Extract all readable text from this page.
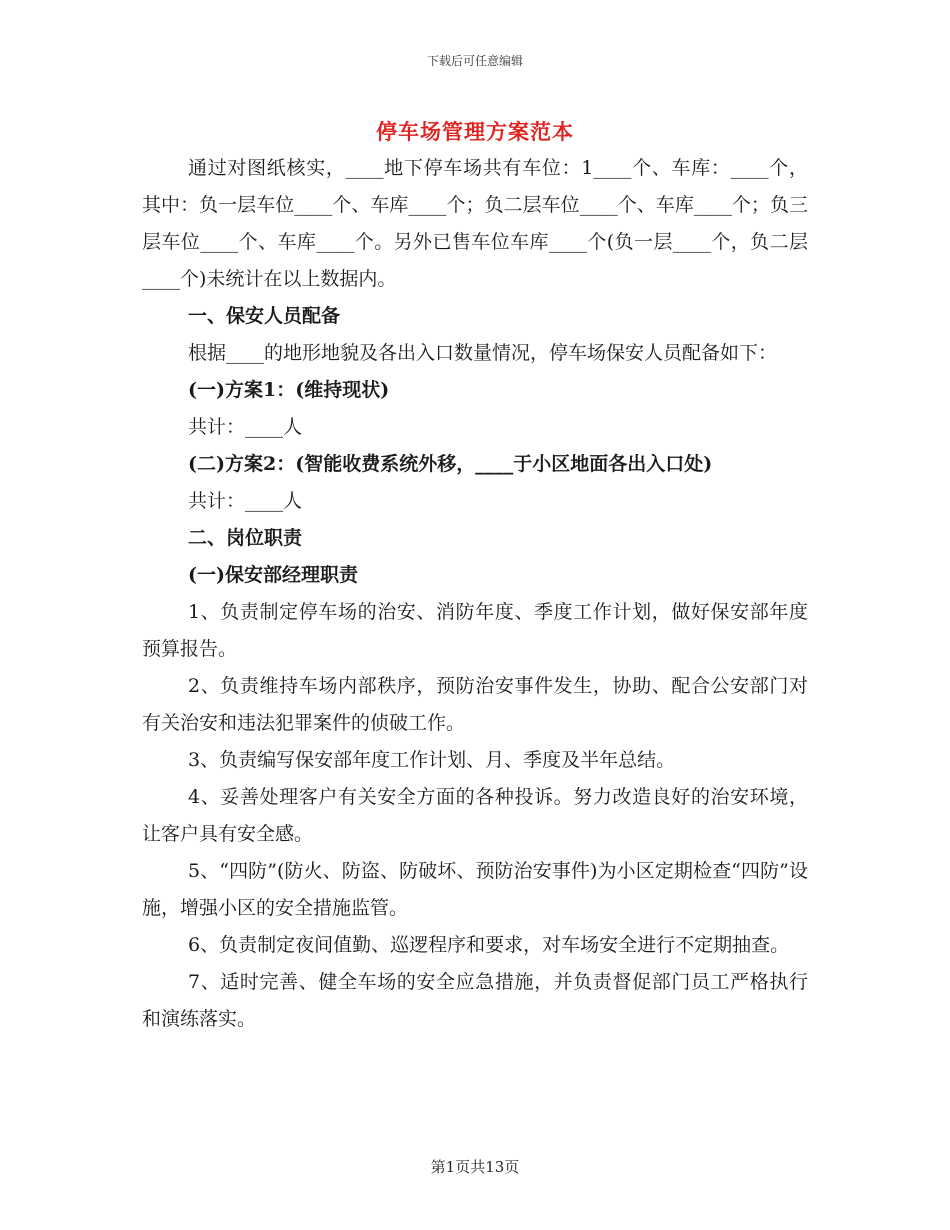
下载后可任意编辑
停车场管理方案范本

通过对图纸核实，____地下停车场共有车位：1____个、车库：____个，其中：负一层车位____个、车库____个；负二层车位____个、车库____个；负三层车位____个、车库____个。另外已售车位车库____个(负一层____个，负二层____个)未统计在以上数据内。

一、保安人员配备

根据____的地形地貌及各出入口数量情况，停车场保安人员配备如下：

(一)方案1：(维持现状)

共计：____人

(二)方案2：(智能收费系统外移，____于小区地面各出入口处)

共计：____人

二、岗位职责

(一)保安部经理职责

1、负责制定停车场的治安、消防年度、季度工作计划，做好保安部年度预算报告。

2、负责维持车场内部秩序，预防治安事件发生，协助、配合公安部门对有关治安和违法犯罪案件的侦破工作。

3、负责编写保安部年度工作计划、月、季度及半年总结。

4、妥善处理客户有关安全方面的各种投诉。努力改造良好的治安环境，让客户具有安全感。

5、“四防”(防火、防盗、防破坏、预防治安事件)为小区定期检查“四防”设施，增强小区的安全措施监管。

6、负责制定夜间值勤、巡逻程序和要求，对车场安全进行不定期抽查。

7、适时完善、健全车场的安全应急措施，并负责督促部门员工严格执行和演练落实。

第1页共13页
